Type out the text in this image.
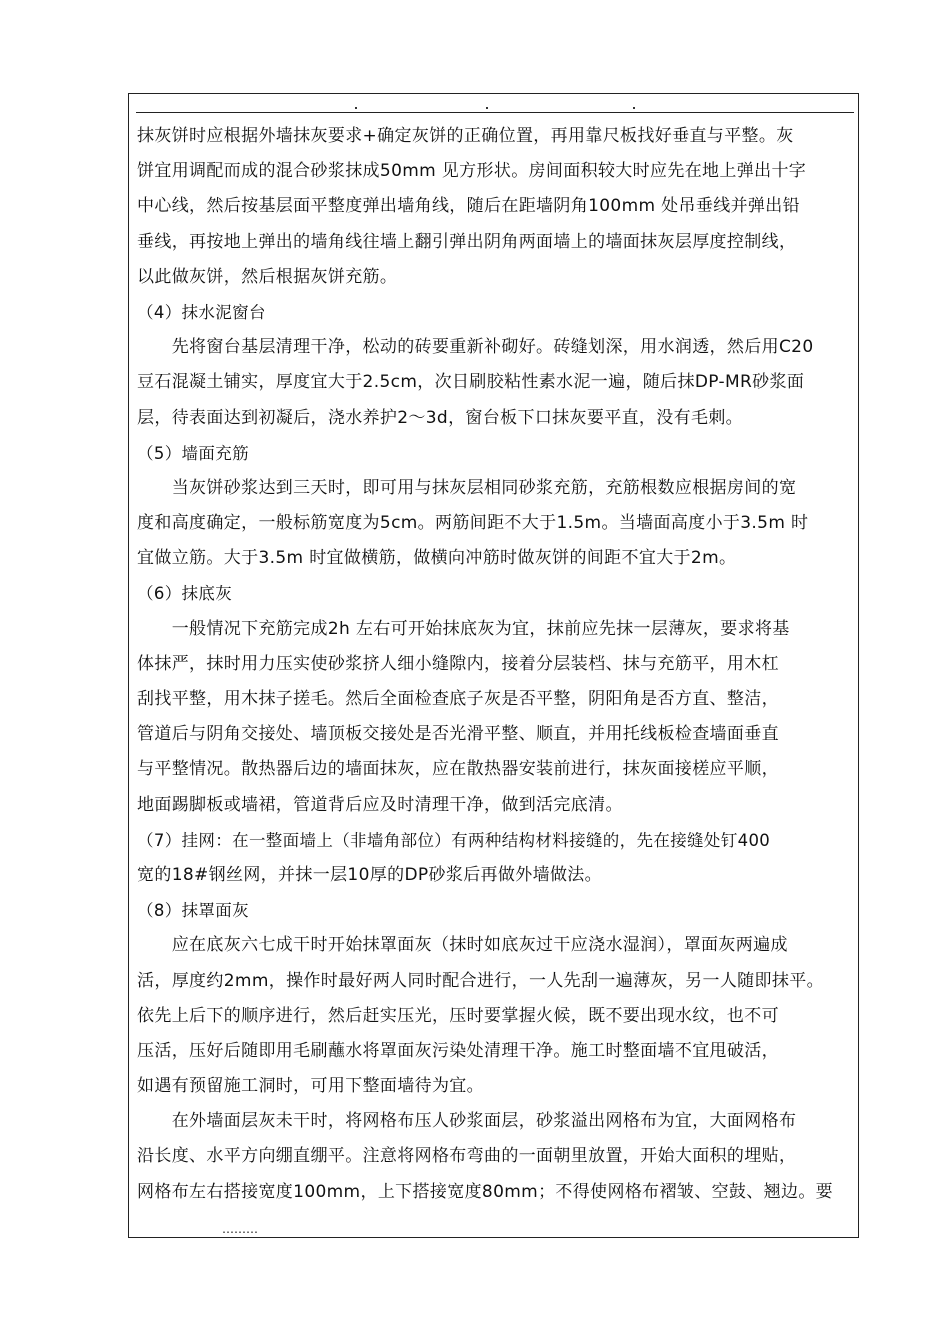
抹灰饼时应根据外墙抹灰要求+确定灰饼的正确位置，再用靠尺板找好垂直与平整。灰
饼宜用调配而成的混合砂浆抹成50mm 见方形状。房间面积较大时应先在地上弹出十字
中心线，然后按基层面平整度弹出墙角线，随后在距墙阴角100mm 处吊垂线并弹出铅
垂线，再按地上弹出的墙角线往墙上翻引弹出阴角两面墙上的墙面抹灰层厚度控制线，
以此做灰饼，然后根据灰饼充筋。
（4）抹水泥窗台
　　先将窗台基层清理干净，松动的砖要重新补砌好。砖缝划深，用水润透，然后用C20
豆石混凝土铺实，厚度宜大于2.5cm，次日刷胶粘性素水泥一遍，随后抹DP-MR砂浆面
层，待表面达到初凝后，浇水养护2～3d，窗台板下口抹灰要平直，没有毛刺。
（5）墙面充筋
　　当灰饼砂浆达到三天时，即可用与抹灰层相同砂浆充筋，充筋根数应根据房间的宽
度和高度确定，一般标筋宽度为5cm。两筋间距不大于1.5m。当墙面高度小于3.5m 时
宜做立筋。大于3.5m 时宜做横筋，做横向冲筋时做灰饼的间距不宜大于2m。
（6）抹底灰
　　一般情况下充筋完成2h 左右可开始抹底灰为宜，抹前应先抹一层薄灰，要求将基
体抹严，抹时用力压实使砂浆挤人细小缝隙内，接着分层装档、抹与充筋平，用木杠
刮找平整，用木抹子搓毛。然后全面检查底子灰是否平整，阴阳角是否方直、整洁，
管道后与阴角交接处、墙顶板交接处是否光滑平整、顺直，并用托线板检查墙面垂直
与平整情况。散热器后边的墙面抹灰，应在散热器安装前进行，抹灰面接槎应平顺，
地面踢脚板或墙裙，管道背后应及时清理干净，做到活完底清。
（7）挂网：在一整面墙上（非墙角部位）有两种结构材料接缝的，先在接缝处钉400
宽的18#钢丝网，并抹一层10厚的DP砂浆后再做外墙做法。
（8）抹罩面灰
　　应在底灰六七成干时开始抹罩面灰（抹时如底灰过干应浇水湿润），罩面灰两遍成
活，厚度约2mm，操作时最好两人同时配合进行，一人先刮一遍薄灰，另一人随即抹平。
依先上后下的顺序进行，然后赶实压光，压时要掌握火候，既不要出现水纹，也不可
压活，压好后随即用毛刷蘸水将罩面灰污染处清理干净。施工时整面墙不宜甩破活，
如遇有预留施工洞时，可用下整面墙待为宜。
　　在外墙面层灰未干时，将网格布压人砂浆面层，砂浆溢出网格布为宜，大面网格布
沿长度、水平方向绷直绷平。注意将网格布弯曲的一面朝里放置，开始大面积的埋贴，
网格布左右搭接宽度100mm，上下搭接宽度80mm；不得使网格布褶皱、空鼓、翘边。要
………
